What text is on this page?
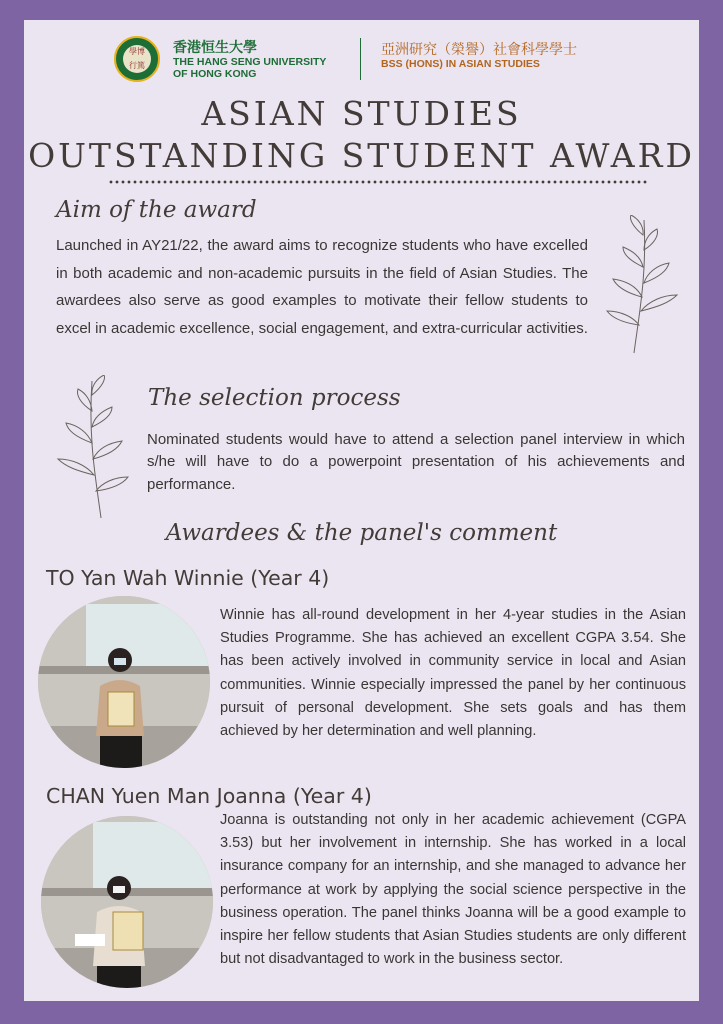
學博
行篤
香港恒生大學
THE HANG SENG UNIVERSITY
OF HONG KONG
亞洲研究（榮譽）社會科學學士
BSS (HONS) IN ASIAN STUDIES
ASIAN STUDIES
OUTSTANDING STUDENT AWARD
Aim of the award
Launched in AY21/22, the award aims to recognize students who have excelled in both academic and non-academic pursuits in the field of Asian Studies. The awardees also serve as good examples to motivate their fellow students to excel in academic excellence, social engagement, and extra-curricular activities.
The selection process
Nominated students would have to attend a selection panel interview in which s/he will have to do a powerpoint presentation of his achievements and performance.
Awardees & the panel's comment
TO Yan Wah Winnie (Year 4)
Winnie has all-round development in her 4-year studies in the Asian Studies Programme. She has achieved an excellent CGPA 3.54. She has been actively involved in community service in local and Asian communities. Winnie especially impressed the panel by her continuous pursuit of personal development. She sets goals and has them achieved by her determination and well planning.
CHAN Yuen Man Joanna (Year 4)
Joanna is outstanding not only in her academic achievement (CGPA 3.53) but her involvement in internship. She has worked in a local insurance company for an internship, and she managed to advance her performance at work by applying the social science perspective in the business operation. The panel thinks Joanna will be a good example to inspire her fellow students that Asian Studies students are only different but not disadvantaged to work in the business sector.
